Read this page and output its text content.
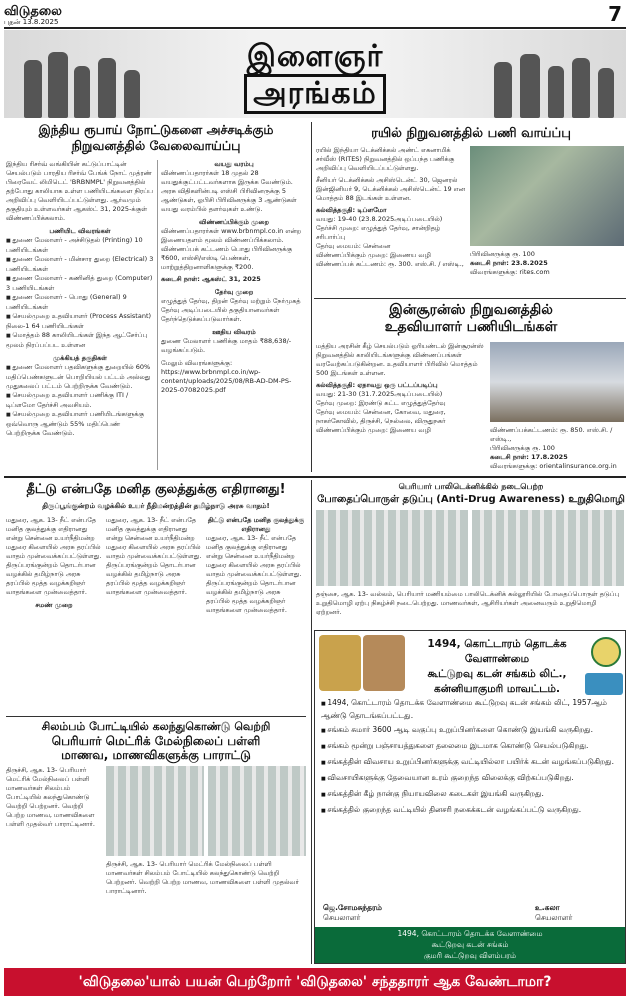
விடுதலை
புதன் 13.8.2025	7
இளைஞர்
அரங்கம்
இந்திய ரூபாய் நோட்டுகளை அச்சடிக்கும்
நிறுவனத்தில் வேலைவாய்ப்பு

இந்திய ரிசர்வ் வங்கியின் கட்டுப்பாட்டின் செயல்படும் பாரதிய ரிசர்வ் பேங்க் நோட் முத்ரண் பிரைவேட் லிமிடெட் 'BRBNMPL' நிறுவனத்தில் தற்போது காலியாக உள்ள பணியிடங்களை நிரப்ப அறிவிப்பு வெளியிடப்பட்டுள்ளது. ஆர்வமும் தகுதியும் உள்ளவர்கள் ஆகஸ்ட் 31, 2025-க்குள் விண்ணப்பிக்கலாம்.

பணியிட விவரங்கள்

■ துணை மேலாளர் - அச்சிடுதல் (Printing) 10 பணியிடங்கள்

■ துணை மேலாளர் - மின்சார துறை (Electrical) 3 பணியிடங்கள்

■ துணை மேலாளர் - கணினித் துறை (Computer) 3 பணியிடங்கள்

■ துணை மேலாளர் - பொது (General) 9 பணியிடங்கள்

■ செயல்முறை உதவியாளர் (Process Assistant) நிலை-1 64 பணியிடங்கள்

■ மொத்தம் 88 காலியிடங்கள் இந்த ஆட்சேர்ப்பு மூலம் நிரப்பப்பட உள்ளன

முக்கியத் தகுதிகள்

■ துணை மேலாளர் பதவிகளுக்கு துறையில் 60% மதிப்பெண்களுடன் பொறியியல் பட்டம் அல்லது முதுகலைப் பட்டம் பெற்றிருக்க வேண்டும்.

■ செயல்முறை உதவியாளர் பணிக்கு ITI / டிப்ளமோ தேர்ச்சி அவசியம்.

■ செயல்முறை உதவியாளர் பணியிடங்களுக்கு ஒவ்வொரு ஆண்டும் 55% மதிப்பெண் பெற்றிருக்க வேண்டும்.

வயது வரம்பு

விண்ணப்பதாரர்கள் 18 முதல் 28 வயதுக்குட்பட்டவர்களாக இருக்க வேண்டும். அரசு விதிகளின்படி எஸ்சி பிரிவினருக்கு 5 ஆண்டுகள், ஓபிசி பிரிவினருக்கு 3 ஆண்டுகள் வயது வரம்பில் தளர்வுகள் உண்டு.

விண்ணப்பிக்கும் முறை

விண்ணப்பதாரர்கள் www.brbnmpl.co.in என்ற இணையதளம் மூலம் விண்ணப்பிக்கலாம். விண்ணப்பக் கட்டணம் பொது பிரிவினருக்கு ₹600, எஸ்சி/எஸ்டி பெண்கள், மாற்றுத்திறனாளிகளுக்கு ₹200.

கடைசி நாள்: ஆகஸ்ட் 31, 2025

தேர்வு முறை

எழுத்துத் தேர்வு, திறன் தேர்வு மற்றும் நேர்முகத் தேர்வு அடிப்படையில் தகுதியானவர்கள் தேர்ந்தெடுக்கப்படுவார்கள்.

ஊதிய விவரம்

துணை மேலாளர் பணிக்கு மாதம் ₹88,638/- வழங்கப்படும்.

மேலும் விவரங்களுக்கு: https://www.brbnmpl.co.in/wp-content/uploads/2025/08/RB-AD-DM-PS-2025-07082025.pdf

ரயில் நிறுவனத்தில் பணி வாய்ப்பு

ரயில் இந்தியா டெக்னிக்கல் அண்ட் எகனாமிக் சர்வீஸ் (RITES) நிறுவனத்தில் ஒப்பந்த பணிக்கு அறிவிப்பு வெளியிடப்பட்டுள்ளது.

சீனியர் டெக்னிக்கல் அசிஸ்டென்ட் 30, ஜெனரல் இன்ஜினியர் 9, டெக்னிக்கல் அசிஸ்டென்ட் 19 என மொத்தம் 88 இடங்கள் உள்ளன.

கல்வித்தகுதி: டிப்ளமோ

வயது: 19-40 (23.8.2025அடிப்படையில்)

தேர்ச்சி முறை: எழுத்துத் தேர்வு, சான்றிதழ் சரிபார்ப்பு

தேர்வு மையம்: சென்னை

விண்ணப்பிக்கும் முறை: இணைய வழி

விண்ணப்பக் கட்டணம்: ரூ. 300. எஸ்.சி. / எஸ்டி.,

பிரிவினருக்கு ரூ. 100

கடைசி நாள்: 23.8.2025

விவரங்களுக்கு: rites.com

இன்சூரன்ஸ் நிறுவனத்தில்
உதவியாளர் பணியிடங்கள்

மத்திய அரசின் கீழ் செயல்படும் ஓரியண்டல் இன்சூரன்ஸ் நிறுவனத்தில் காலியிடங்களுக்கு விண்ணப்பங்கள் வரவேற்கப்படுகின்றன. உதவியாளர் பிரிவில் மொத்தம் 500 இடங்கள் உள்ளன.

கல்வித்தகுதி: ஏதாவது ஒரு பட்டப்படிப்பு

வயது: 21-30 (31.7.2025அடிப்படையில்)

தேர்வு முறை: இரண்டு கட்ட எழுத்துத்தேர்வு

தேர்வு மையம்: சென்னை, கோவை, மதுரை, நாகர்கோவில், திருச்சி, நெல்லை, விருதுநகர்

விண்ணப்பிக்கும் முறை: இணைய வழி	விண்ணப்பக்கட்டணம்: ரூ. 850. எஸ்.சி. / எஸ்டி.,

பிரிவினருக்கு ரூ. 100

கடைசி நாள்: 17.8.2025

விவரங்களுக்கு: orientalinsurance.org.in

தீட்டு என்பதே மனித குலத்துக்கு எதிரானது!
திருப்பூங்குன்றம் வழக்கில் உயர் நீதிமன்றத்தின் தமிழ்நாடு அரசு வாதம்!

மதுரை, ஆக. 13- நீட் என்பதே மனித குலத்துக்கு எதிரானது என்று சென்னை உயர்நீதிமன்ற மதுரை கிளையில் அரசு தரப்பில் வாதம் முன்வைக்கப்பட்டுள்ளது. திருப்பரங்குன்றம் தொடர்பான வழக்கில் தமிழ்நாடு அரசு தரப்பில் மூத்த வழக்கறிஞர் வாதங்களை முன்வைத்தார்.

சமண் முறை

மதுரை, ஆக. 13- நீட் என்பதே மனித குலத்துக்கு எதிரானது என்று சென்னை உயர்நீதிமன்ற மதுரை கிளையில் அரசு தரப்பில் வாதம் முன்வைக்கப்பட்டுள்ளது. திருப்பரங்குன்றம் தொடர்பான வழக்கில் தமிழ்நாடு அரசு தரப்பில் மூத்த வழக்கறிஞர் வாதங்களை முன்வைத்தார்.

திட்டு என்பதே மனித குலத்துக்கு எதிரானது

மதுரை, ஆக. 13- நீட் என்பதே மனித குலத்துக்கு எதிரானது என்று சென்னை உயர்நீதிமன்ற மதுரை கிளையில் அரசு தரப்பில் வாதம் முன்வைக்கப்பட்டுள்ளது. திருப்பரங்குன்றம் தொடர்பான வழக்கில் தமிழ்நாடு அரசு தரப்பில் மூத்த வழக்கறிஞர் வாதங்களை முன்வைத்தார்.

சிலம்பம் போட்டியில் கலந்துகொண்டு வெற்றி
பெரியார் மெட்ரிக் மேல்நிலைப் பள்ளி
மாணவ, மாணவிகளுக்கு பாராட்டு

திருச்சி, ஆக. 13- பெரியார் மெட்ரிக் மேல்நிலைப் பள்ளி மாணவர்கள் சிலம்பம் போட்டியில் கலந்துகொண்டு வெற்றி பெற்றனர். வெற்றி பெற்ற மாணவ, மாணவிகளை பள்ளி முதல்வர் பாராட்டினார்.

திருச்சி, ஆக. 13- பெரியார் மெட்ரிக் மேல்நிலைப் பள்ளி மாணவர்கள் சிலம்பம் போட்டியில் கலந்துகொண்டு வெற்றி பெற்றனர். வெற்றி பெற்ற மாணவ, மாணவிகளை பள்ளி முதல்வர் பாராட்டினார்.

பெரியார் பாலிடெக்னிக்கில் நடைபெற்ற
போதைப்பொருள் தடுப்பு (Anti-Drug Awareness) உறுதிமொழி

தஞ்சை, ஆக. 13- வல்லம், பெரியார் மணியம்மை பாலிடெக்னிக் கல்லூரியில் போதைப்பொருள் தடுப்பு உறுதிமொழி ஏற்பு நிகழ்ச்சி நடைபெற்றது. மாணவர்கள், ஆசிரியர்கள் அனைவரும் உறுதிமொழி ஏற்றனர்.

1494, கொட்டாரம் தொடக்க வேளாண்மை
கூட்டுறவு கடன் சங்கம் லிட்.,
கன்னியாகுமரி மாவட்டம்.

■ 1494, கொட்டாரம் தொடக்க வேளாண்மை கூட்டுறவு கடன் சங்கம் லிட், 1957ஆம் ஆண்டு தொடங்கப்பட்டது.

■ சங்கம் சுமார் 3600 ஆடி வகுப்பு உறுப்பினர்களை கொண்டு இயங்கி வருகிறது.

■ சங்கம் மூன்று பஞ்சாயத்துகளை தலைமை இடமாக கொண்டு செயல்படுகிறது.

■ சங்கத்தின் விவசாய உறுப்பினர்களுக்கு வட்டியில்லா பயிர்க் கடன் வழங்கப்படுகிறது.

■ விவசாயிகளுக்கு தேவையான உரம் குறைந்த விலைக்கு விற்கப்படுகிறது.

■ சங்கத்தின் கீழ் நான்கு நியாயவிலை கடைகள் இயங்கி வருகிறது.

■ சங்கத்தில் குறைந்த வட்டியில் தினசரி நகைக்கடன் வழங்கப்பட்டு வருகிறது.

ஜெ.சோமசுந்தரம்
செயலாளர்
உ.கலா
செயலாளர்
1494, கொட்டாரம் தொடக்க வேளாண்மை
கூட்டுறவு கடன் சங்கம்
குமரி கூட்டுறவு விளம்பரம்
'விடுதலை'யால் பயன் பெற்றோர் 'விடுதலை' சந்ததாரர் ஆக வேண்டாமா?
